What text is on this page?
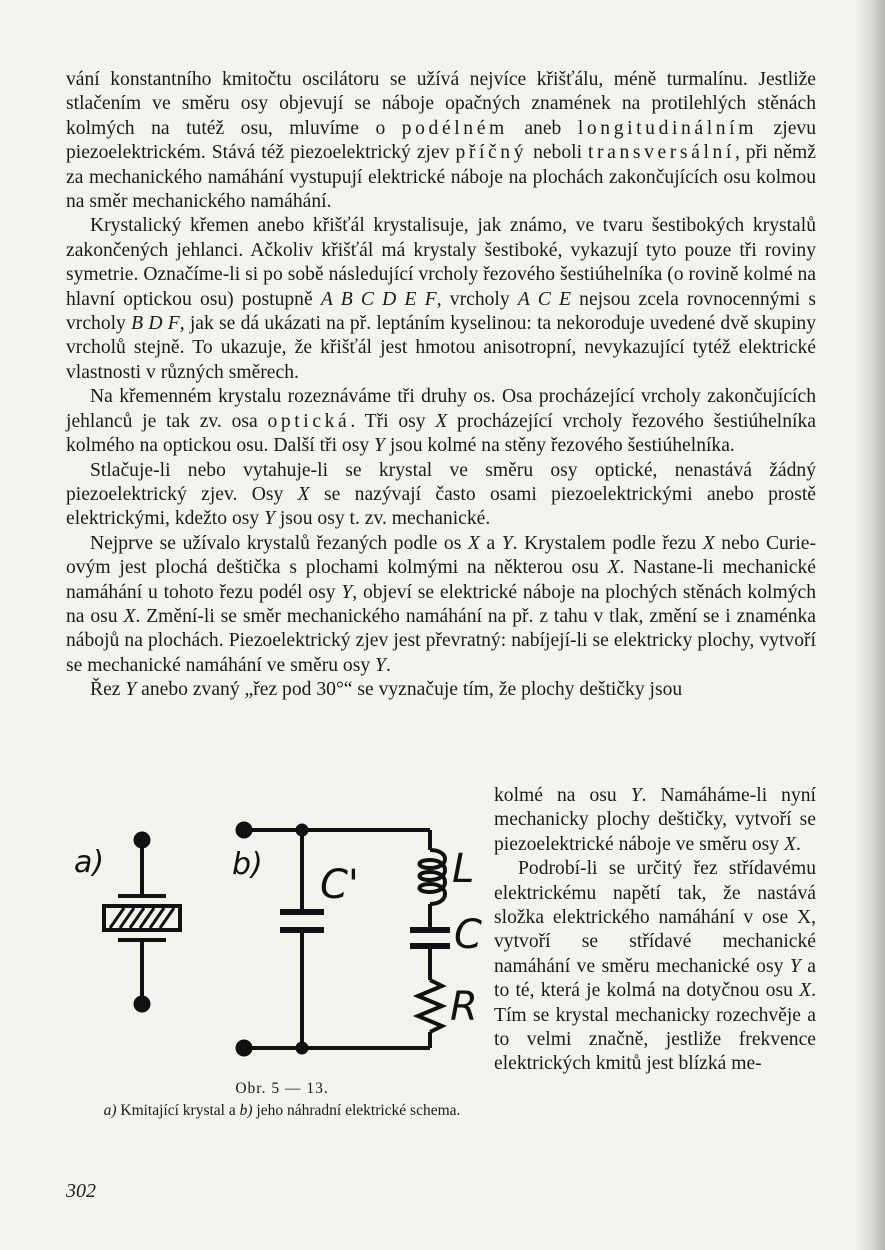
vání konstantního kmitočtu oscilátoru se užívá nejvíce křišťálu, méně turmalínu. Jestliže stlačením ve směru osy objevují se náboje opačných znamének na protilehlých stěnách kolmých na tutéž osu, mluvíme o podélném aneb longitudinálním zjevu piezoelektrickém. Stává též piezoelektrický zjev příčný neboli transversální, při němž za mechanického namáhání vystupují elektrické náboje na plochách zakončujících osu kolmou na směr mechanického namáhání.

Krystalický křemen anebo křišťál krystalisuje, jak známo, ve tvaru šestibokých krystalů zakončených jehlanci. Ačkoliv křišťál má krystaly šestiboké, vykazují tyto pouze tři roviny symetrie. Označíme-li si po sobě následující vrcholy řezového šestiúhelníka (o rovině kolmé na hlavní optickou osu) postupně A B C D E F, vrcholy A C E nejsou zcela rovnocennými s vrcholy B D F, jak se dá ukázati na př. leptáním kyselinou: ta nekoroduje uvedené dvě skupiny vrcholů stejně. To ukazuje, že křišťál jest hmotou anisotropní, nevykazující tytéž elektrické vlastnosti v různých směrech.

Na křemenném krystalu rozeznáváme tři druhy os. Osa procházející vrcholy zakončujících jehlanců je tak zv. osa optická. Tři osy X procházející vrcholy řezového šestiúhelníka kolmého na optickou osu. Další tři osy Y jsou kolmé na stěny řezového šestiúhelníka.

Stlačuje-li nebo vytahuje-li se krystal ve směru osy optické, nenastává žádný piezoelektrický zjev. Osy X se nazývají často osami piezoelektrickými anebo prostě elektrickými, kdežto osy Y jsou osy t. zv. mechanické.

Nejprve se užívalo krystalů řezaných podle os X a Y. Krystalem podle řezu X nebo Curie-ovým jest plochá deštička s plochami kolmými na některou osu X. Nastane-li mechanické namáhání u tohoto řezu podél osy Y, objeví se elektrické náboje na plochých stěnách kolmých na osu X. Změní-li se směr mechanického namáhání na př. z tahu v tlak, změní se i znaménka nábojů na plochách. Piezoelektrický zjev jest převratný: nabíjejí-li se elektricky plochy, vytvoří se mechanické namáhání ve směru osy Y.

Řez Y anebo zvaný „řez pod 30°“ se vyznačuje tím, že plochy deštičky jsou

a)	b) C' L
C
R
Obr. 5 — 13.
a) Kmitající krystal a b) jeho náhradní elektrické schema.

kolmé na osu Y. Namáháme-li nyní mechanicky plochy deštičky, vytvoří se piezoelektrické náboje ve směru osy X.

Podrobí-li se určitý řez střídavému elektrickému napětí tak, že nastává složka elektrického namáhání v ose X, vytvoří se střídavé mechanické namáhání ve směru mechanické osy Y a to té, která je kolmá na dotyčnou osu X. Tím se krystal mechanicky rozechvěje a to velmi značně, jestliže frekvence elektrických kmitů jest blízká me-

302
